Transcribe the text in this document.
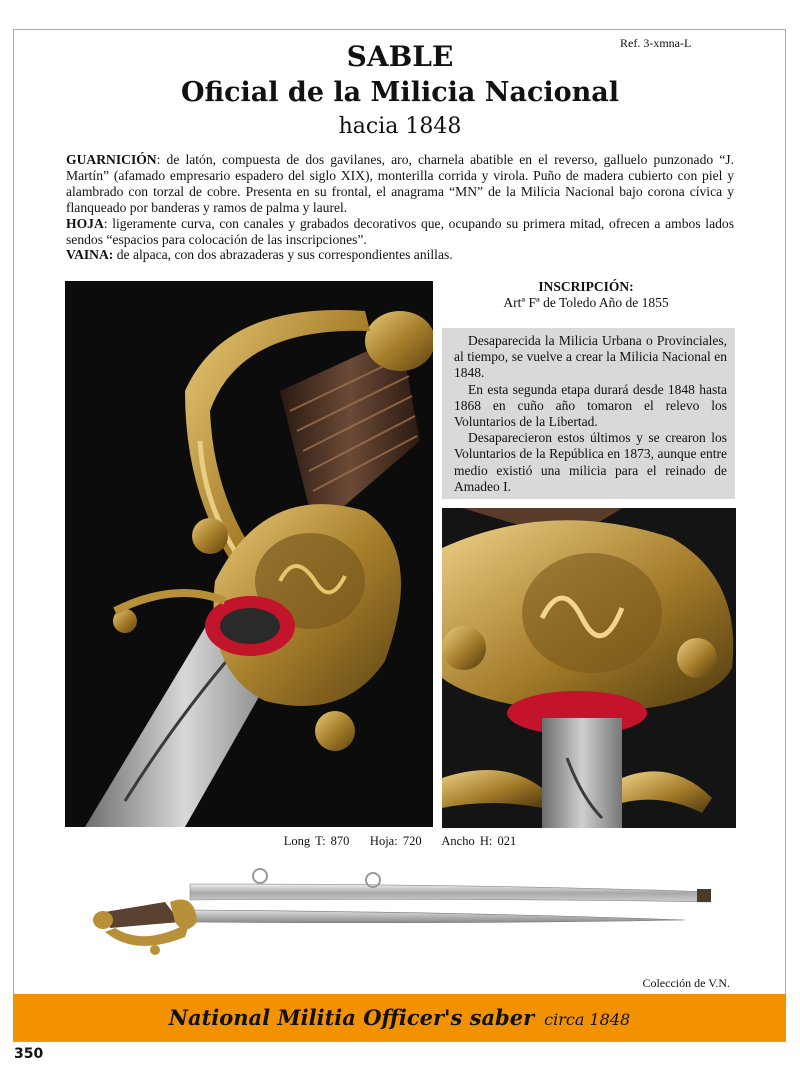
Ref. 3-xmna-L
SABLE
Oficial de la Milicia Nacional
hacia 1848

GUARNICIÓN: de latón, compuesta de dos gavilanes, aro, charnela abatible en el reverso, galluelo punzonado “J. Martín” (afamado empresario espadero del siglo XIX), monterilla corrida y virola. Puño de madera cubierto con piel y alambrado con torzal de cobre. Presenta en su frontal, el anagrama “MN” de la Milicia Nacional bajo corona cívica y flanqueado por banderas y ramos de palma y laurel.

HOJA: ligeramente curva, con canales y grabados decorativos que, ocupando su primera mitad, ofrecen a ambos lados sendos “espacios para colocación de las inscripciones”.

VAINA: de alpaca, con dos abrazaderas y sus correspondientes anillas.

INSCRIPCIÓN:
Artª Fª de Toledo Año de 1855

Desaparecida la Milicia Urbana o Provinciales, al tiempo, se vuelve a crear la Milicia Nacional en 1848.

En esta segunda etapa durará desde 1848 hasta 1868 en cuño año tomaron el relevo los Voluntarios de la Libertad.

Desaparecieron estos últimos y se crearon los Voluntarios de la República en 1873, aunque entre medio existió una milicia para el reinado de Amadeo I.

Long T: 870    Hoja: 720    Ancho H: 021
Colección de V.N.
National Militia Officer's saber circa 1848
350
